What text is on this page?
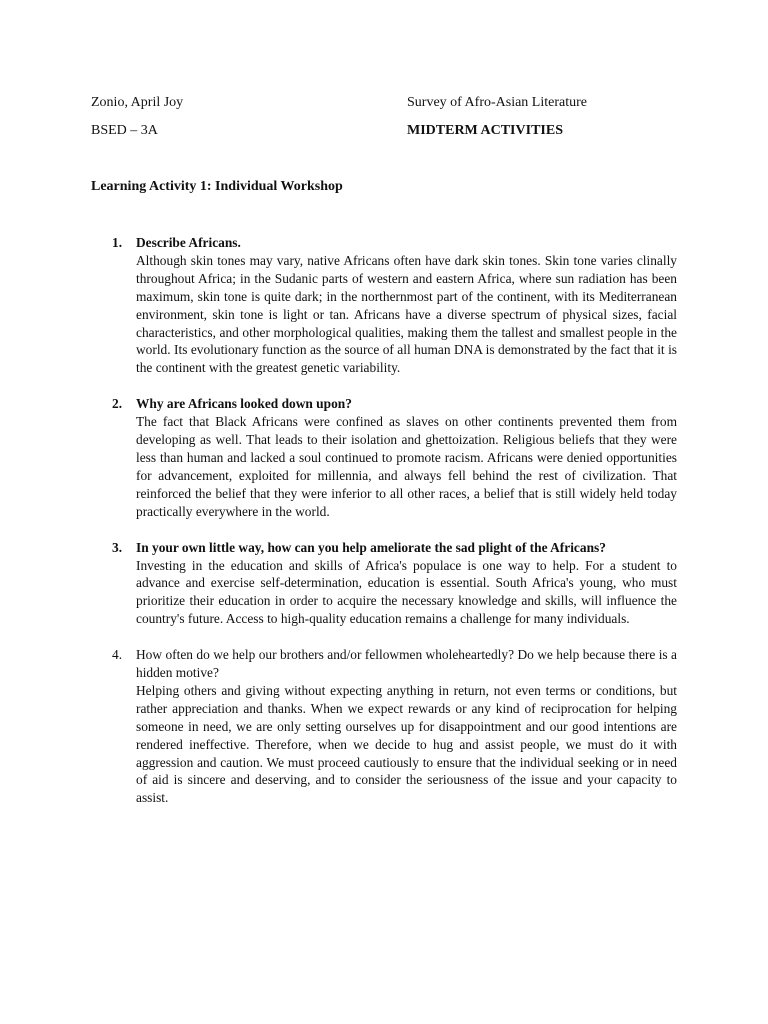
Zonio, April Joy
BSED – 3A
Survey of Afro-Asian Literature
MIDTERM ACTIVITIES
Learning Activity 1: Individual Workshop
1. Describe Africans.
Although skin tones may vary, native Africans often have dark skin tones. Skin tone varies clinally throughout Africa; in the Sudanic parts of western and eastern Africa, where sun radiation has been maximum, skin tone is quite dark; in the northernmost part of the continent, with its Mediterranean environment, skin tone is light or tan. Africans have a diverse spectrum of physical sizes, facial characteristics, and other morphological qualities, making them the tallest and smallest people in the world. Its evolutionary function as the source of all human DNA is demonstrated by the fact that it is the continent with the greatest genetic variability.
2. Why are Africans looked down upon?
The fact that Black Africans were confined as slaves on other continents prevented them from developing as well. That leads to their isolation and ghettoization. Religious beliefs that they were less than human and lacked a soul continued to promote racism. Africans were denied opportunities for advancement, exploited for millennia, and always fell behind the rest of civilization. That reinforced the belief that they were inferior to all other races, a belief that is still widely held today practically everywhere in the world.
3. In your own little way, how can you help ameliorate the sad plight of the Africans?
Investing in the education and skills of Africa's populace is one way to help. For a student to advance and exercise self-determination, education is essential. South Africa's young, who must prioritize their education in order to acquire the necessary knowledge and skills, will influence the country's future. Access to high-quality education remains a challenge for many individuals.
4. How often do we help our brothers and/or fellowmen wholeheartedly? Do we help because there is a hidden motive?
Helping others and giving without expecting anything in return, not even terms or conditions, but rather appreciation and thanks. When we expect rewards or any kind of reciprocation for helping someone in need, we are only setting ourselves up for disappointment and our good intentions are rendered ineffective. Therefore, when we decide to hug and assist people, we must do it with aggression and caution. We must proceed cautiously to ensure that the individual seeking or in need of aid is sincere and deserving, and to consider the seriousness of the issue and your capacity to assist.
